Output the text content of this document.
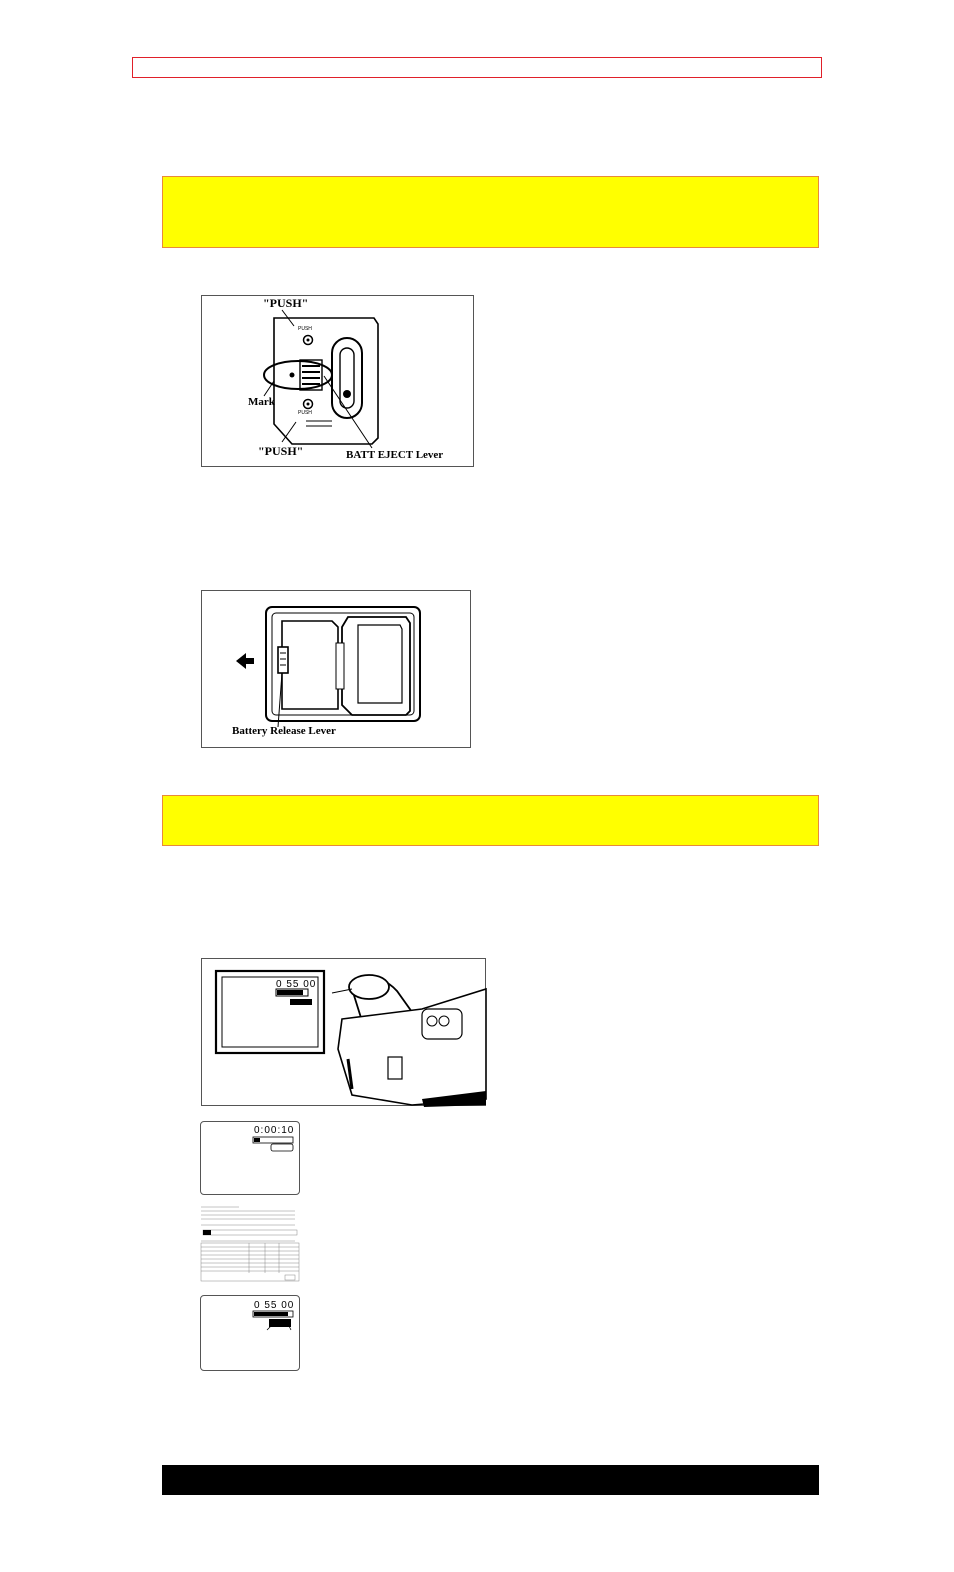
"PUSH"
PUSH
PUSH
Mark
"PUSH"	BATT EJECT Lever
Battery Release Lever
0 55 00
0:00:10
0 55 00
